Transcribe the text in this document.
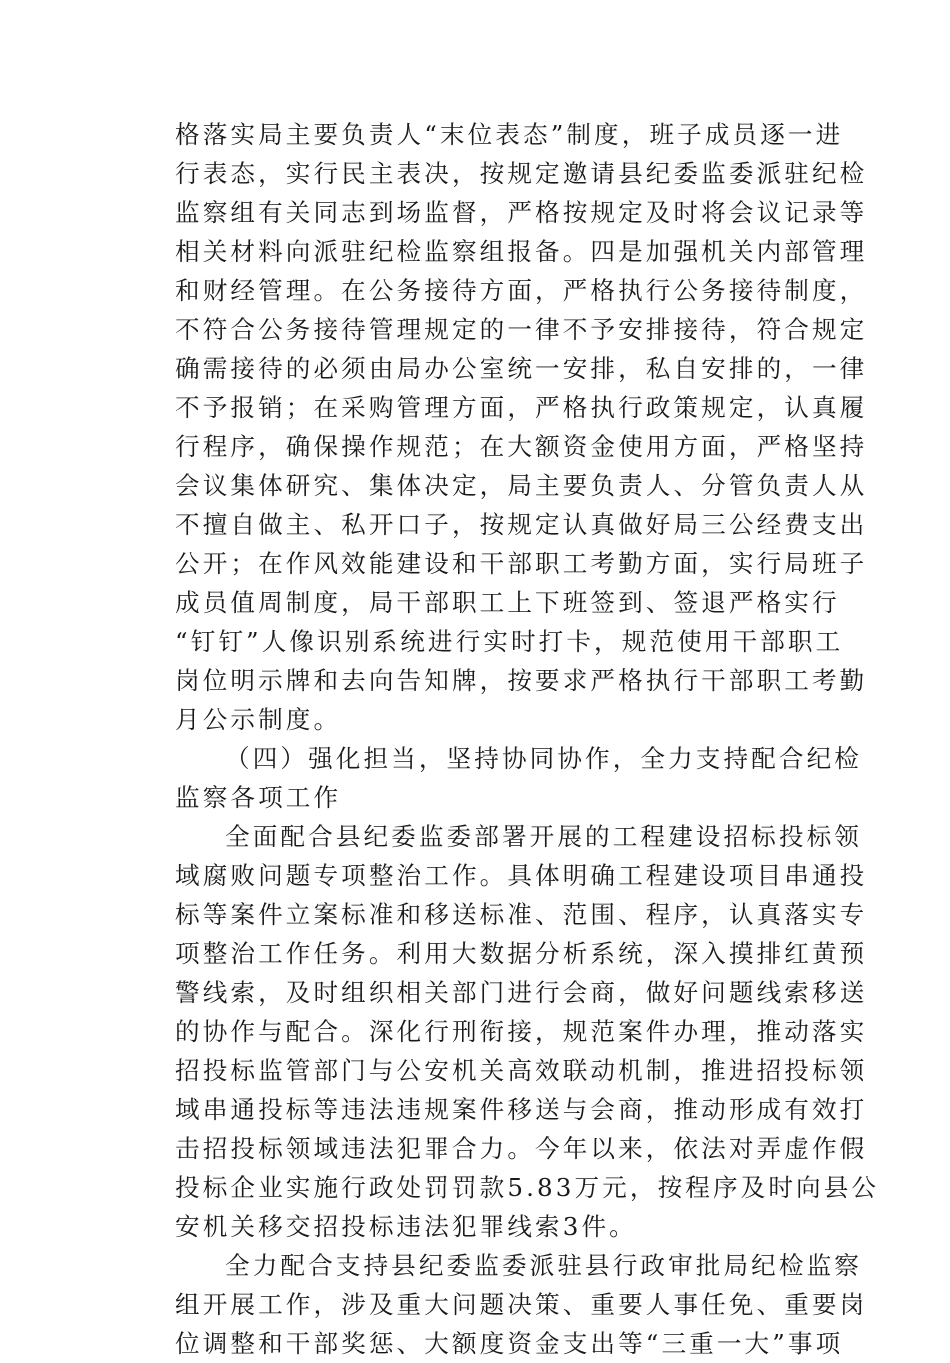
格落实局主要负责人“末位表态”制度，班子成员逐一进
行表态，实行民主表决，按规定邀请县纪委监委派驻纪检
监察组有关同志到场监督，严格按规定及时将会议记录等
相关材料向派驻纪检监察组报备。四是加强机关内部管理
和财经管理。在公务接待方面，严格执行公务接待制度，
不符合公务接待管理规定的一律不予安排接待，符合规定
确需接待的必须由局办公室统一安排，私自安排的，一律
不予报销；在采购管理方面，严格执行政策规定，认真履
行程序，确保操作规范；在大额资金使用方面，严格坚持
会议集体研究、集体决定，局主要负责人、分管负责人从
不擅自做主、私开口子，按规定认真做好局三公经费支出
公开；在作风效能建设和干部职工考勤方面，实行局班子
成员值周制度，局干部职工上下班签到、签退严格实行
“钉钉”人像识别系统进行实时打卡，规范使用干部职工
岗位明示牌和去向告知牌，按要求严格执行干部职工考勤
月公示制度。
（四）强化担当，坚持协同协作，全力支持配合纪检
监察各项工作
全面配合县纪委监委部署开展的工程建设招标投标领
域腐败问题专项整治工作。具体明确工程建设项目串通投
标等案件立案标准和移送标准、范围、程序，认真落实专
项整治工作任务。利用大数据分析系统，深入摸排红黄预
警线索，及时组织相关部门进行会商，做好问题线索移送
的协作与配合。深化行刑衔接，规范案件办理，推动落实
招投标监管部门与公安机关高效联动机制，推进招投标领
域串通投标等违法违规案件移送与会商，推动形成有效打
击招投标领域违法犯罪合力。今年以来，依法对弄虚作假
投标企业实施行政处罚罚款5.83万元，按程序及时向县公
安机关移交招投标违法犯罪线索3件。
全力配合支持县纪委监委派驻县行政审批局纪检监察
组开展工作，涉及重大问题决策、重要人事任免、重要岗
位调整和干部奖惩、大额度资金支出等“三重一大”事项
